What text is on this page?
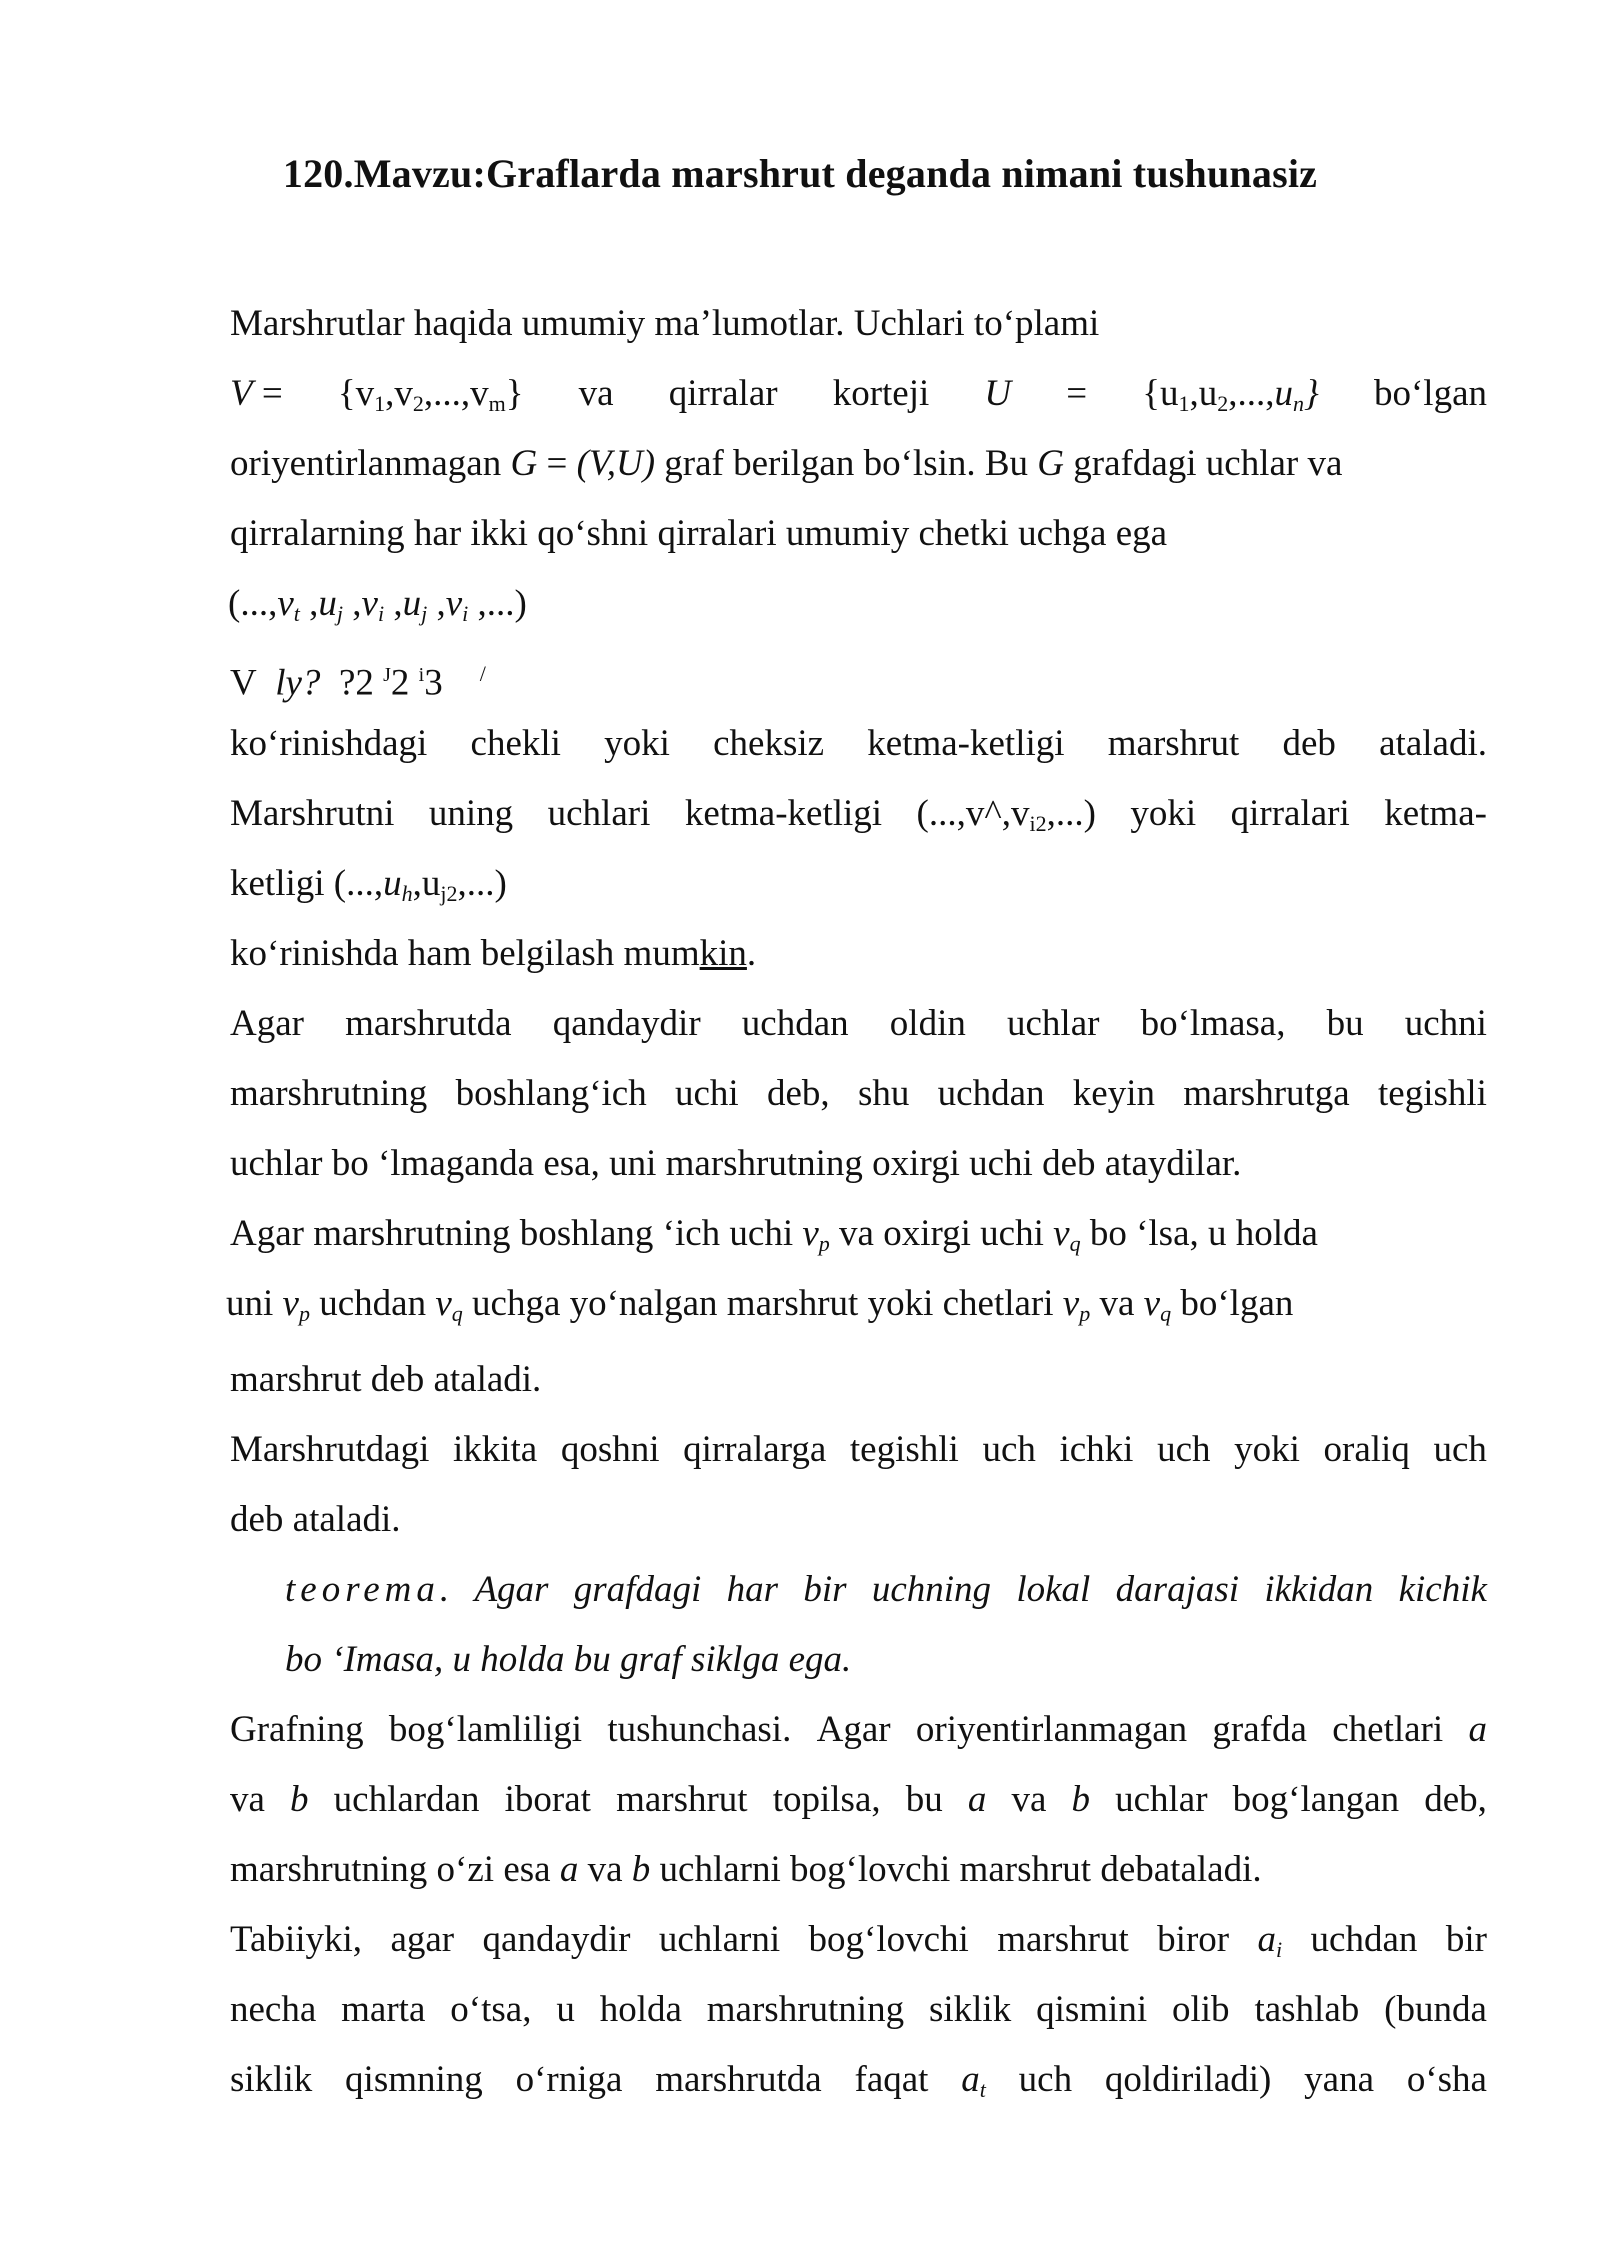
120.Mavzu:Graflarda marshrut deganda nimani tushunasiz
Marshrutlar haqida umumiy ma’lumotlar. Uchlari to‘plami
$V = \{v_1,v_2,...,v_m\}$ va qirralar korteji $U = \{u_1,u_2,...,u_n\}$ bo‘lgan
oriyentirlanmagan G = (V,U) graf berilgan bo‘lsin. Bu G grafdagi uchlar va
qirralarning har ikki qo‘shni qirralari umumiy chetki uchga ega
($...,v_t$ $,u_j$ $,v_i$ $,u_j$ $,v_i$ ,...)
V  ly?  ?2 $^J$2 $^i$3    /
ko‘rinishdagi chekli yoki cheksiz ketma-ketligi marshrut deb ataladi.
Marshrutni uning uchlari ketma-ketligi $(...,v\^{},v_{i2},...)$ yoki qirralari ketma-
ketligi $(...,u_h,u_{j2},...)$
ko‘rinishda ham belgilash mumkin.
Agar marshrutda qandaydir uchdan oldin uchlar bo‘lmasa, bu uchni
marshrutning boshlang‘ich uchi deb, shu uchdan keyin marshrutga tegishli
uchlar bo ‘lmaganda esa, uni marshrutning oxirgi uchi deb ataydilar.
Agar marshrutning boshlang ‘ich uchi $v_p$ va oxirgi uchi $v_q$ bo ‘lsa, u holda
uni $v_p$ uchdan $v_q$ uchga yo‘nalgan marshrut yoki chetlari $v_p$ va $v_q$ bo‘lgan
marshrut deb ataladi.
Marshrutdagi ikkita qoshni qirralarga tegishli uch ichki uch yoki oraliq uch
deb ataladi.
teorema. Agar grafdagi har bir uchning lokal darajasi ikkidan kichik
bo ‘Imasa, u holda bu graf siklga ega.
Grafning bog‘lamliligi tushunchasi. Agar oriyentirlanmagan grafda chetlari a
va b uchlardan iborat marshrut topilsa, bu a va b uchlar bog‘langan deb,
marshrutning o‘zi esa a va b uchlarni bog‘lovchi marshrut debataladi.
Tabiiyki, agar qandaydir uchlarni bog‘lovchi marshrut biror $a_i$ uchdan bir
necha marta o‘tsa, u holda marshrutning siklik qismini olib tashlab (bunda
siklik qismning o‘rniga marshrutda faqat $a_t$ uch qoldiriladi) yana o‘sha
